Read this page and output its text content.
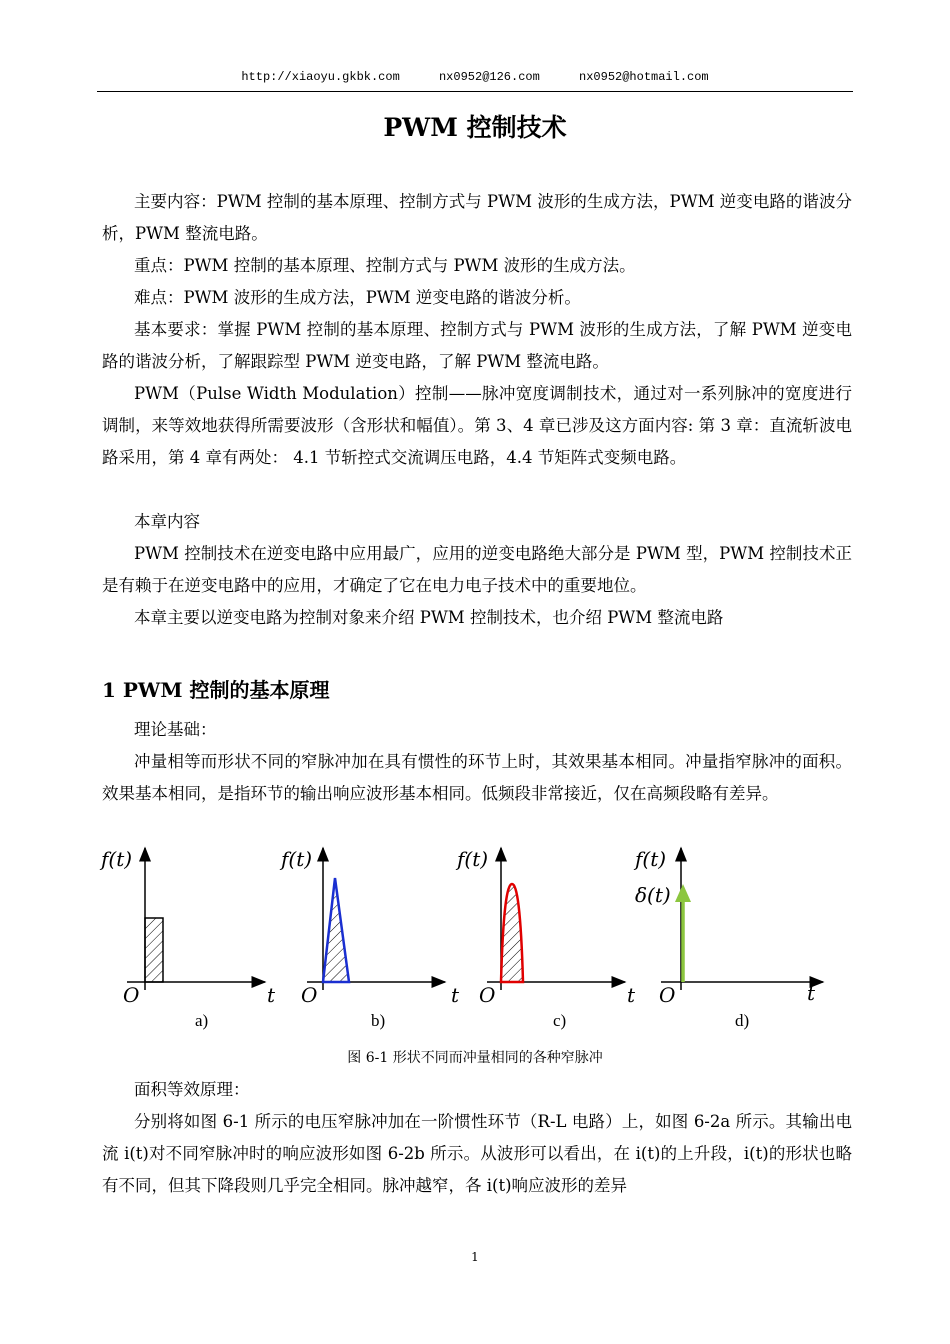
http://xiaoyu.gkbk.com	nx0952@126.com	nx0952@hotmail.com
PWM 控制技术

主要内容：PWM 控制的基本原理、控制方式与 PWM 波形的生成方法，PWM 逆变电路的谐波分析，PWM 整流电路。

重点：PWM 控制的基本原理、控制方式与 PWM 波形的生成方法。

难点：PWM 波形的生成方法，PWM 逆变电路的谐波分析。

基本要求：掌握 PWM 控制的基本原理、控制方式与 PWM 波形的生成方法，了解 PWM 逆变电路的谐波分析，了解跟踪型 PWM 逆变电路，了解 PWM 整流电路。

PWM（Pulse Width Modulation）控制——脉冲宽度调制技术，通过对一系列脉冲的宽度进行调制，来等效地获得所需要波形（含形状和幅值）。第 3、4 章已涉及这方面内容: 第 3 章：直流斩波电路采用，第 4 章有两处： 4.1 节斩控式交流调压电路，4.4 节矩阵式变频电路。

本章内容

PWM 控制技术在逆变电路中应用最广，应用的逆变电路绝大部分是 PWM 型，PWM 控制技术正是有赖于在逆变电路中的应用，才确定了它在电力电子技术中的重要地位。

本章主要以逆变电路为控制对象来介绍 PWM 控制技术，也介绍 PWM 整流电路

1 PWM 控制的基本原理

理论基础：

冲量相等而形状不同的窄脉冲加在具有惯性的环节上时，其效果基本相同。冲量指窄脉冲的面积。效果基本相同，是指环节的输出响应波形基本相同。低频段非常接近，仅在高频段略有差异。

f(t)
O	t
a)
f(t)
O	t
b)
f(t)
O	t
c)
f(t)
δ(t)
O	t
d)
图 6-1 形状不同而冲量相同的各种窄脉冲

面积等效原理：

分别将如图 6-1 所示的电压窄脉冲加在一阶惯性环节（R-L 电路）上，如图 6-2a 所示。其输出电流 i(t)对不同窄脉冲时的响应波形如图 6-2b 所示。从波形可以看出，在 i(t)的上升段，i(t)的形状也略有不同，但其下降段则几乎完全相同。脉冲越窄，各 i(t)响应波形的差异

1
